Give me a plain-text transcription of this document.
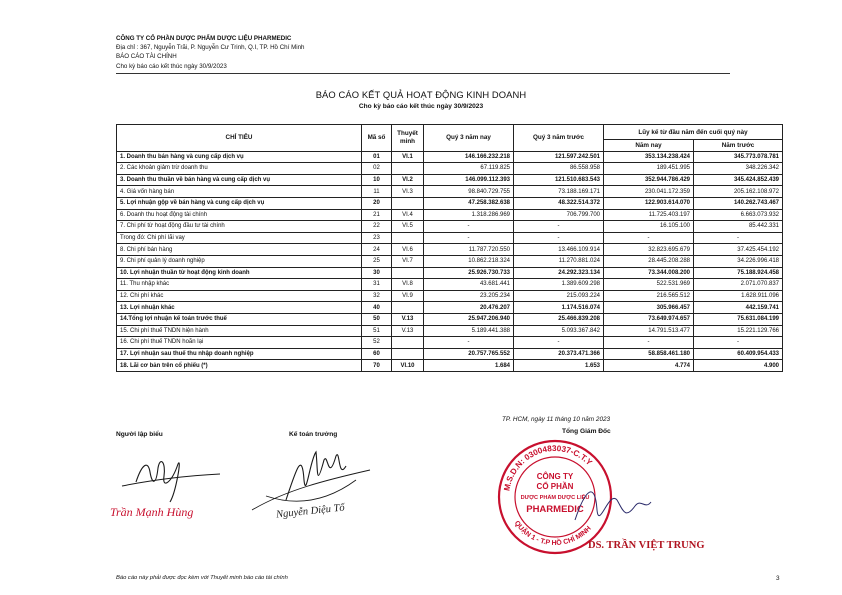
CÔNG TY CỔ PHẦN DƯỢC PHẨM DƯỢC LIỆU PHARMEDIC
Địa chỉ : 367, Nguyễn Trãi, P. Nguyễn Cư Trinh, Q.I, TP. Hồ Chí Minh
BÁO CÁO TÀI CHÍNH
Cho kỳ báo cáo kết thúc ngày 30/9/2023
BÁO CÁO KẾT QUẢ HOẠT ĐỘNG KINH DOANH
Cho kỳ báo cáo kết thúc ngày 30/9/2023
CHỈ TIÊU	Mã số	Thuyết minh	Quý 3 năm nay	Quý 3 năm trước	Lũy kế từ đầu năm đến cuối quý này	
					Năm nay	Năm trước
1. Doanh thu bán hàng và cung cấp dịch vụ	01	VI.1	146.166.232.218	121.597.242.501	353.134.238.424	345.773.078.781
2. Các khoản giảm trừ doanh thu	02		67.119.825	86.558.958	189.451.995	348.226.342
3. Doanh thu thuần về bán hàng và cung cấp dịch vụ	10	VI.2	146.099.112.393	121.510.683.543	352.944.786.429	345.424.852.439
4. Giá vốn hàng bán	11	VI.3	98.840.729.755	73.188.169.171	230.041.172.359	205.162.108.972
5. Lợi nhuận gộp về bán hàng và cung cấp dịch vụ	20		47.258.382.638	48.322.514.372	122.903.614.070	140.262.743.467
6. Doanh thu hoạt động tài chính	21	VI.4	1.318.286.969	706.799.700	11.725.403.197	6.663.073.932
7. Chi phí từ hoạt động đầu tư tài chính	22	VI.5	-	-	16.105.100	85.442.331
Trong đó: Chi phí lãi vay	23		-	-	-	-
8. Chi phí bán hàng	24	VI.6	11.787.720.550	13.466.109.914	32.823.695.679	37.425.454.192
9. Chi phí quản lý doanh nghiệp	25	VI.7	10.862.218.324	11.270.881.024	28.445.208.288	34.226.996.418
10. Lợi nhuận thuần từ hoạt động kinh doanh	30		25.926.730.733	24.292.323.134	73.344.008.200	75.188.924.458
11. Thu nhập khác	31	VI.8	43.681.441	1.389.609.298	522.531.969	2.071.070.837
12. Chi phí khác	32	VI.9	23.205.234	215.093.224	216.565.512	1.628.911.096
13. Lợi nhuận khác	40		20.476.207	1.174.516.074	305.966.457	442.159.741
14.Tổng lợi nhuận kế toán trước thuế	50	V.13	25.947.206.940	25.466.839.208	73.649.974.657	75.631.084.199
15. Chi phí thuế TNDN hiện hành	51	V.13	5.189.441.388	5.093.367.842	14.791.513.477	15.221.129.766
16. Chi phí thuế TNDN hoãn lại	52		-	-	-	-
17. Lợi nhuận sau thuế thu nhập doanh nghiệp	60		20.757.765.552	20.373.471.366	58.858.461.180	60.409.954.433
18. Lãi cơ bản trên cổ phiếu (*)	70	VI.10	1.684	1.653	4.774	4.900
TP. HCM, ngày 11 tháng 10 năm 2023
Người lập biểu	Kế toán trưởng	Tổng Giám Đốc
Trần Mạnh Hùng	Nguyễn Diệu Tố
M.S.D.N: 0300483037-C.T.Y
QUẬN 1 - T.P HỒ CHÍ MINH
CÔNG TY
CỔ PHẦN
DƯỢC PHẨM DƯỢC LIỆU
PHARMEDIC
DS. TRẦN VIỆT TRUNG
Báo cáo này phải được đọc kèm với Thuyết minh báo cáo tài chính	3
